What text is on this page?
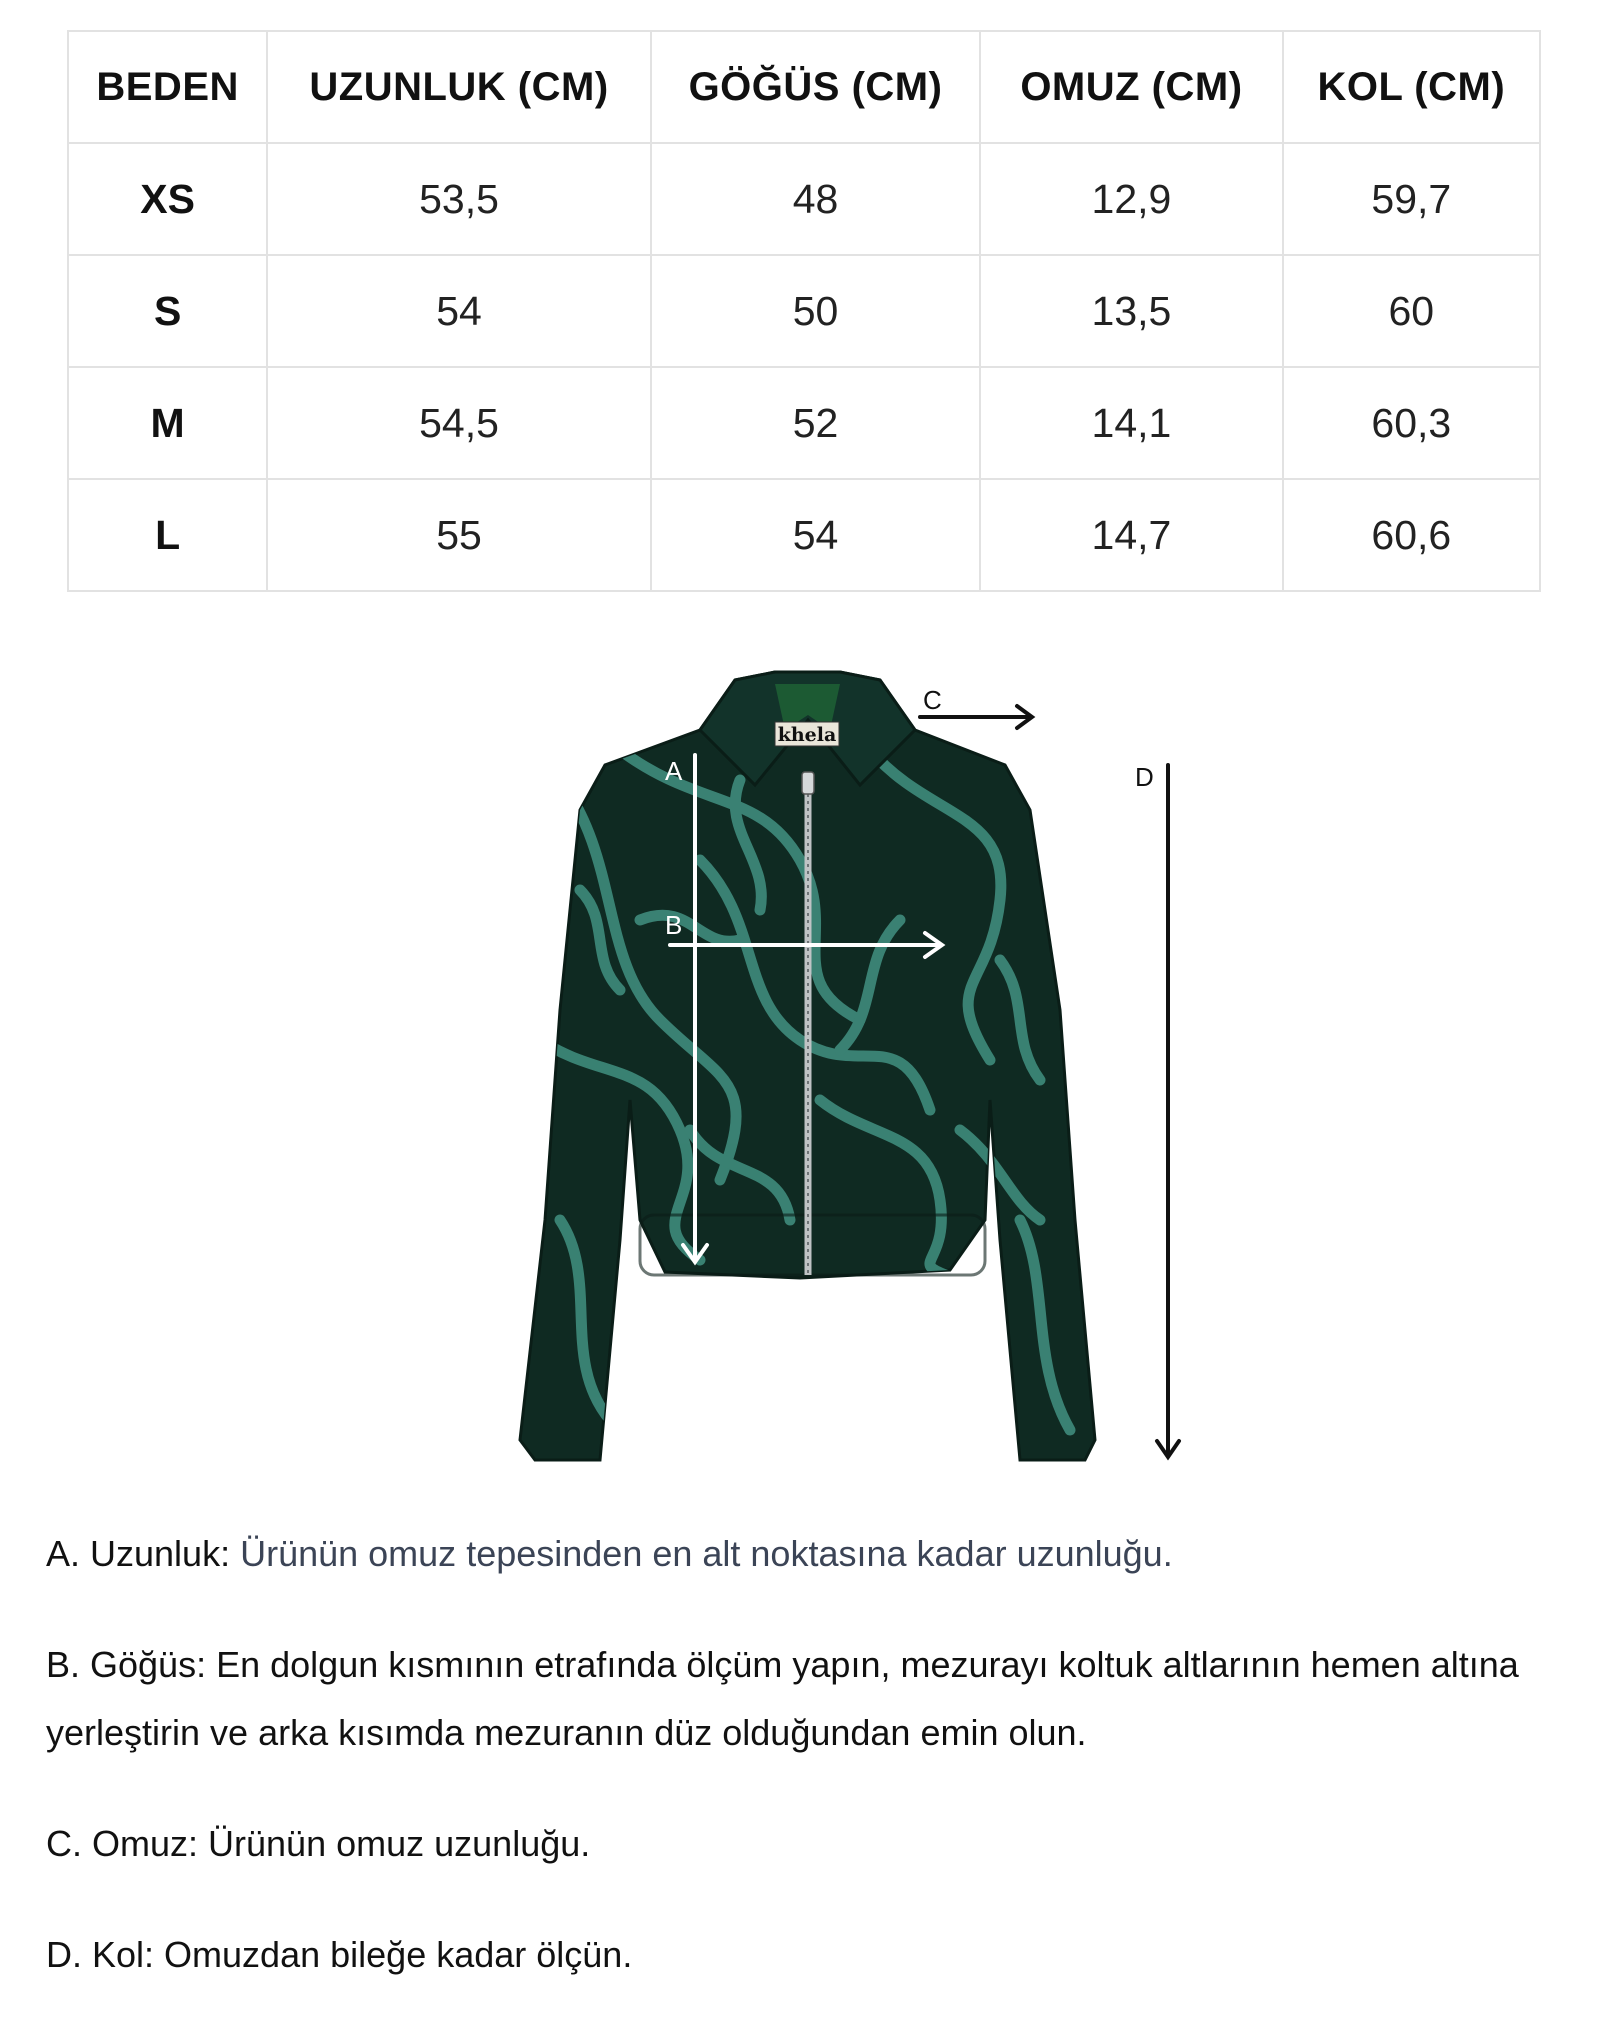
BEDEN	UZUNLUK (CM)	GÖĞÜS (CM)	OMUZ (CM)	KOL (CM)
XS	53,5	48	12,9	59,7
S	54	50	13,5	60
M	54,5	52	14,1	60,3
L	55	54	14,7	60,6
khela
A
B
C
D

A. Uzunluk: Ürünün omuz tepesinden en alt noktasına kadar uzunluğu.

B. Göğüs: En dolgun kısmının etrafında ölçüm yapın, mezurayı koltuk altlarının hemen altına yerleştirin ve arka kısımda mezuranın düz olduğundan emin olun.

C. Omuz: Ürünün omuz uzunluğu.

D. Kol: Omuzdan bileğe kadar ölçün.
